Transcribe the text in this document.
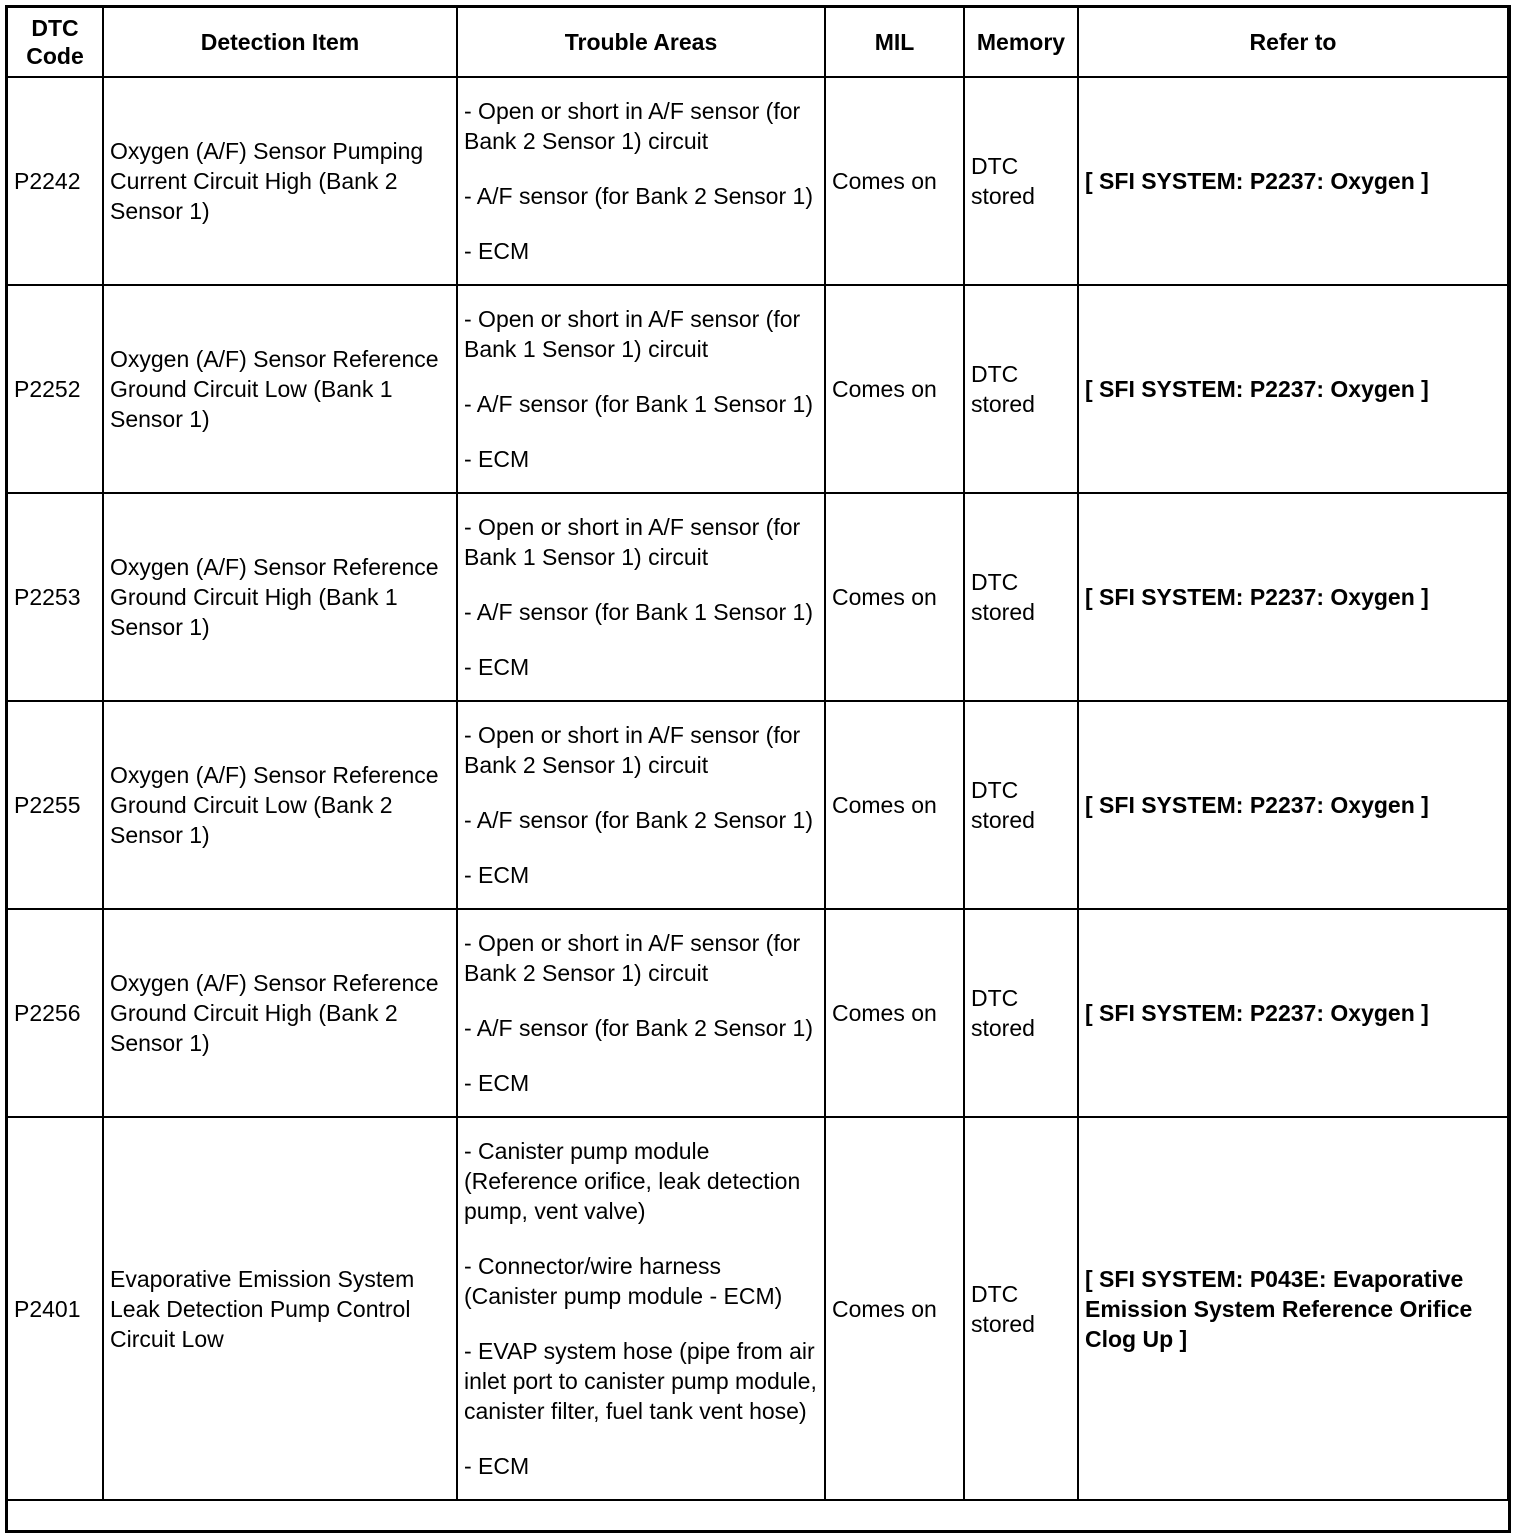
DTC Code	Detection Item	Trouble Areas	MIL	Memory	Refer to
P2242	Oxygen (A/F) Sensor Pumping Current Circuit High (Bank 2 Sensor 1)	- Open or short in A/F sensor (for Bank 2 Sensor 1) circuit
- A/F sensor (for Bank 2 Sensor 1)
- ECM	Comes on	DTC stored	[ SFI SYSTEM: P2237: Oxygen ]

P2252	Oxygen (A/F) Sensor Reference Ground Circuit Low (Bank 1 Sensor 1)	- Open or short in A/F sensor (for Bank 1 Sensor 1) circuit
- A/F sensor (for Bank 1 Sensor 1)
- ECM	Comes on	DTC stored	[ SFI SYSTEM: P2237: Oxygen ]

P2253	Oxygen (A/F) Sensor Reference Ground Circuit High (Bank 1 Sensor 1)	- Open or short in A/F sensor (for Bank 1 Sensor 1) circuit
- A/F sensor (for Bank 1 Sensor 1)
- ECM	Comes on	DTC stored	[ SFI SYSTEM: P2237: Oxygen ]

P2255	Oxygen (A/F) Sensor Reference Ground Circuit Low (Bank 2 Sensor 1)	- Open or short in A/F sensor (for Bank 2 Sensor 1) circuit
- A/F sensor (for Bank 2 Sensor 1)
- ECM	Comes on	DTC stored	[ SFI SYSTEM: P2237: Oxygen ]

P2256	Oxygen (A/F) Sensor Reference Ground Circuit High (Bank 2 Sensor 1)	- Open or short in A/F sensor (for Bank 2 Sensor 1) circuit
- A/F sensor (for Bank 2 Sensor 1)
- ECM	Comes on	DTC stored	[ SFI SYSTEM: P2237: Oxygen ]

P2401	Evaporative Emission System Leak Detection Pump Control Circuit Low	- Canister pump module (Reference orifice, leak detection pump, vent valve)
- Connector/wire harness (Canister pump module - ECM)
- EVAP system hose (pipe from air inlet port to canister pump module, canister filter, fuel tank vent hose)
- ECM	Comes on	DTC stored	[ SFI SYSTEM: P043E: Evaporative Emission System Reference Orifice Clog Up ]
